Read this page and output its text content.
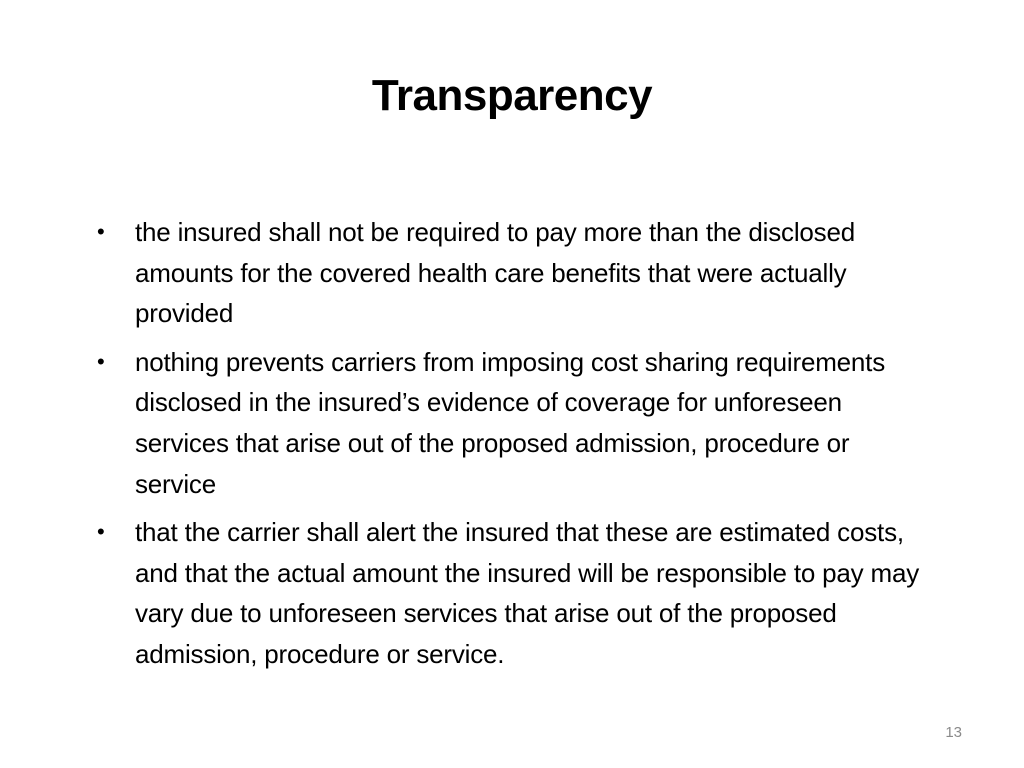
Transparency
•	the insured shall not be required to pay more than the disclosed amounts for the covered health care benefits that were actually provided
•	nothing prevents carriers from imposing cost sharing requirements disclosed in the insured’s evidence of coverage for unforeseen services that arise out of the proposed admission, procedure or service
•	that the carrier shall alert the insured that these are estimated costs, and that the actual amount the insured will be responsible to pay may vary due to unforeseen services that arise out of the proposed admission, procedure or service.
13
